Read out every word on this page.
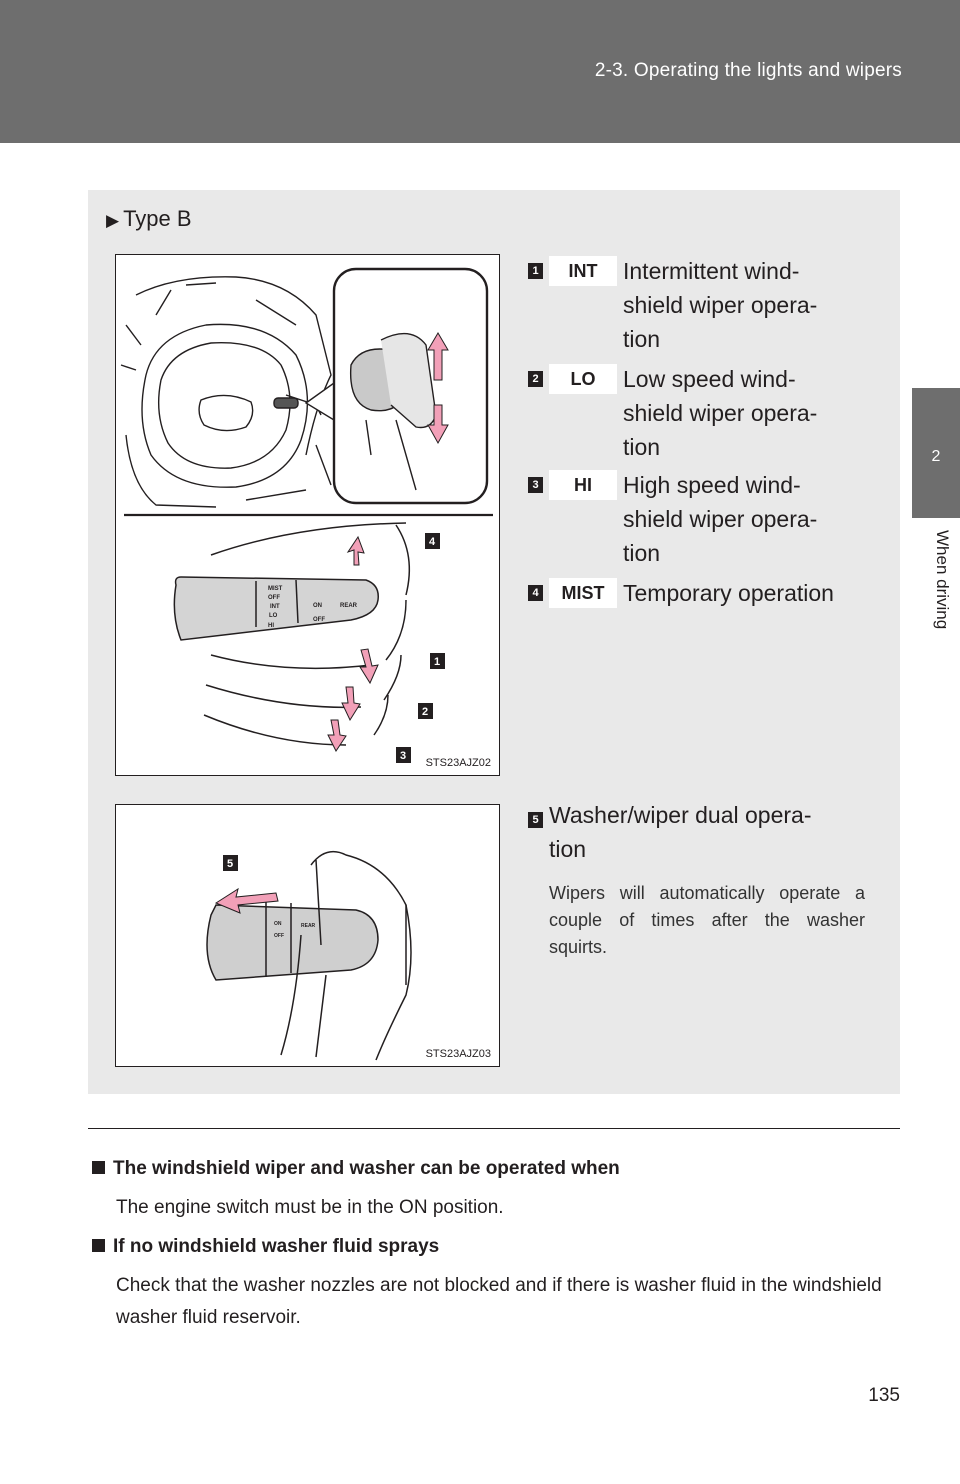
2-3. Operating the lights and wipers
2
When driving
▶ Type B
MIST
OFF
INT
LO
HI
ON
OFF
REAR
4
1
2
3
STS23AJZ02
ON
OFF
REAR
5
STS23AJZ03
1	INT	Intermittent wind-
shield wiper opera-
tion
2	LO	Low speed wind-
shield wiper opera-
tion
3	HI	High speed wind-
shield wiper opera-
tion
4	MIST Temporary operation
5 Washer/wiper dual opera-
tion
Wipers will automatically operate a couple of times after the washer squirts.
The windshield wiper and washer can be operated when
The engine switch must be in the ON position.
If no windshield washer fluid sprays
Check that the washer nozzles are not blocked and if there is washer fluid in the windshield washer fluid reservoir.
135
